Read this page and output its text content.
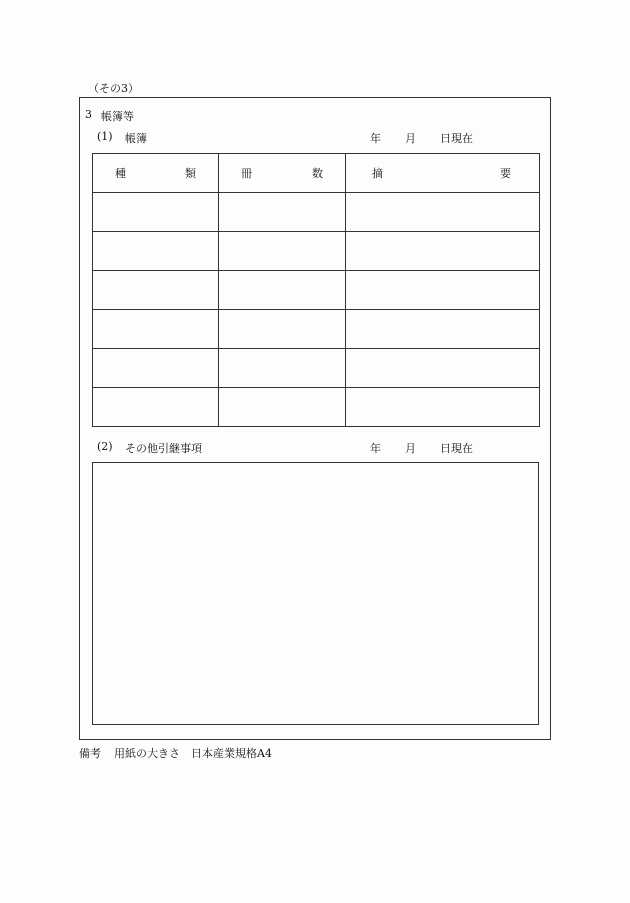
（その3）
3 帳簿等
(1) 帳簿	年 月 日現在
種 類	冊 数	摘 要

(2) その他引継事項	年 月 日現在
備考 用紙の大きさ　日本産業規格A4
